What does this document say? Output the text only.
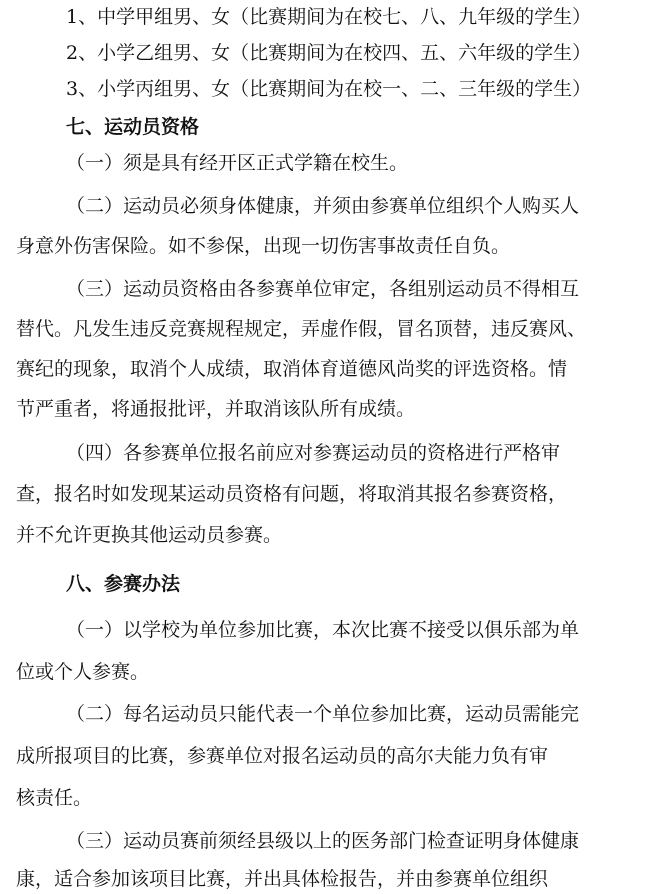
1、中学甲组男、女（比赛期间为在校七、八、九年级的学生）
2、小学乙组男、女（比赛期间为在校四、五、六年级的学生）
3、小学丙组男、女（比赛期间为在校一、二、三年级的学生）
七、运动员资格
（一）须是具有经开区正式学籍在校生。
（二）运动员必须身体健康，并须由参赛单位组织个人购买人
身意外伤害保险。如不参保，出现一切伤害事故责任自负。
（三）运动员资格由各参赛单位审定，各组别运动员不得相互
替代。凡发生违反竞赛规程规定，弄虚作假，冒名顶替，违反赛风、
赛纪的现象，取消个人成绩，取消体育道德风尚奖的评选资格。情
节严重者，将通报批评，并取消该队所有成绩。
（四）各参赛单位报名前应对参赛运动员的资格进行严格审
查，报名时如发现某运动员资格有问题，将取消其报名参赛资格，
并不允许更换其他运动员参赛。
八、参赛办法
（一）以学校为单位参加比赛，本次比赛不接受以俱乐部为单
位或个人参赛。
（二）每名运动员只能代表一个单位参加比赛，运动员需能完
成所报项目的比赛，参赛单位对报名运动员的高尔夫能力负有审
核责任。
（三）运动员赛前须经县级以上的医务部门检查证明身体健康
康，适合参加该项目比赛，并出具体检报告，并由参赛单位组织
